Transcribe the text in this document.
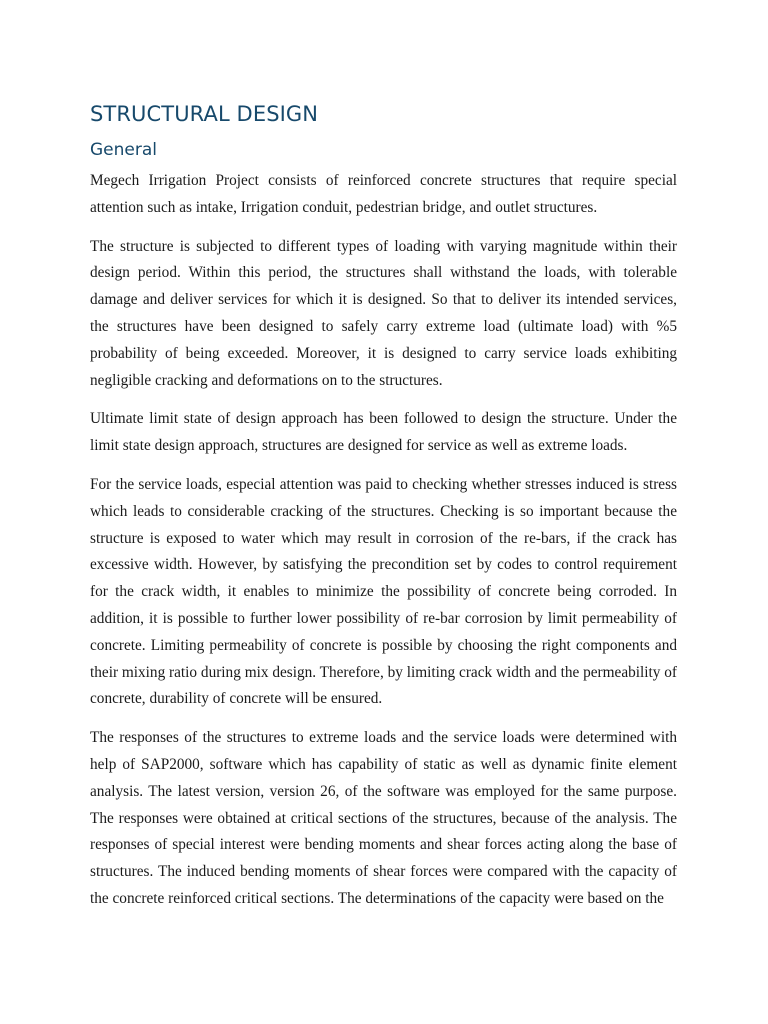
STRUCTURAL DESIGN
General

Megech Irrigation Project consists of reinforced concrete structures that require special attention such as intake, Irrigation conduit, pedestrian bridge, and outlet structures.

The structure is subjected to different types of loading with varying magnitude within their design period. Within this period, the structures shall withstand the loads, with tolerable damage and deliver services for which it is designed. So that to deliver its intended services, the structures have been designed to safely carry extreme load (ultimate load) with %5 probability of being exceeded. Moreover, it is designed to carry service loads exhibiting negligible cracking and deformations on to the structures.

Ultimate limit state of design approach has been followed to design the structure. Under the limit state design approach, structures are designed for service as well as extreme loads.

For the service loads, especial attention was paid to checking whether stresses induced is stress which leads to considerable cracking of the structures. Checking is so important because the structure is exposed to water which may result in corrosion of the re-bars, if the crack has excessive width. However, by satisfying the precondition set by codes to control requirement for the crack width, it enables to minimize the possibility of concrete being corroded. In addition, it is possible to further lower possibility of re-bar corrosion by limit permeability of concrete. Limiting permeability of concrete is possible by choosing the right components and their mixing ratio during mix design. Therefore, by limiting crack width and the permeability of concrete, durability of concrete will be ensured.

The responses of the structures to extreme loads and the service loads were determined with help of SAP2000, software which has capability of static as well as dynamic finite element analysis. The latest version, version 26, of the software was employed for the same purpose. The responses were obtained at critical sections of the structures, because of the analysis. The responses of special interest were bending moments and shear forces acting along the base of structures. The induced bending moments of shear forces were compared with the capacity of the concrete reinforced critical sections. The determinations of the capacity were based on the
